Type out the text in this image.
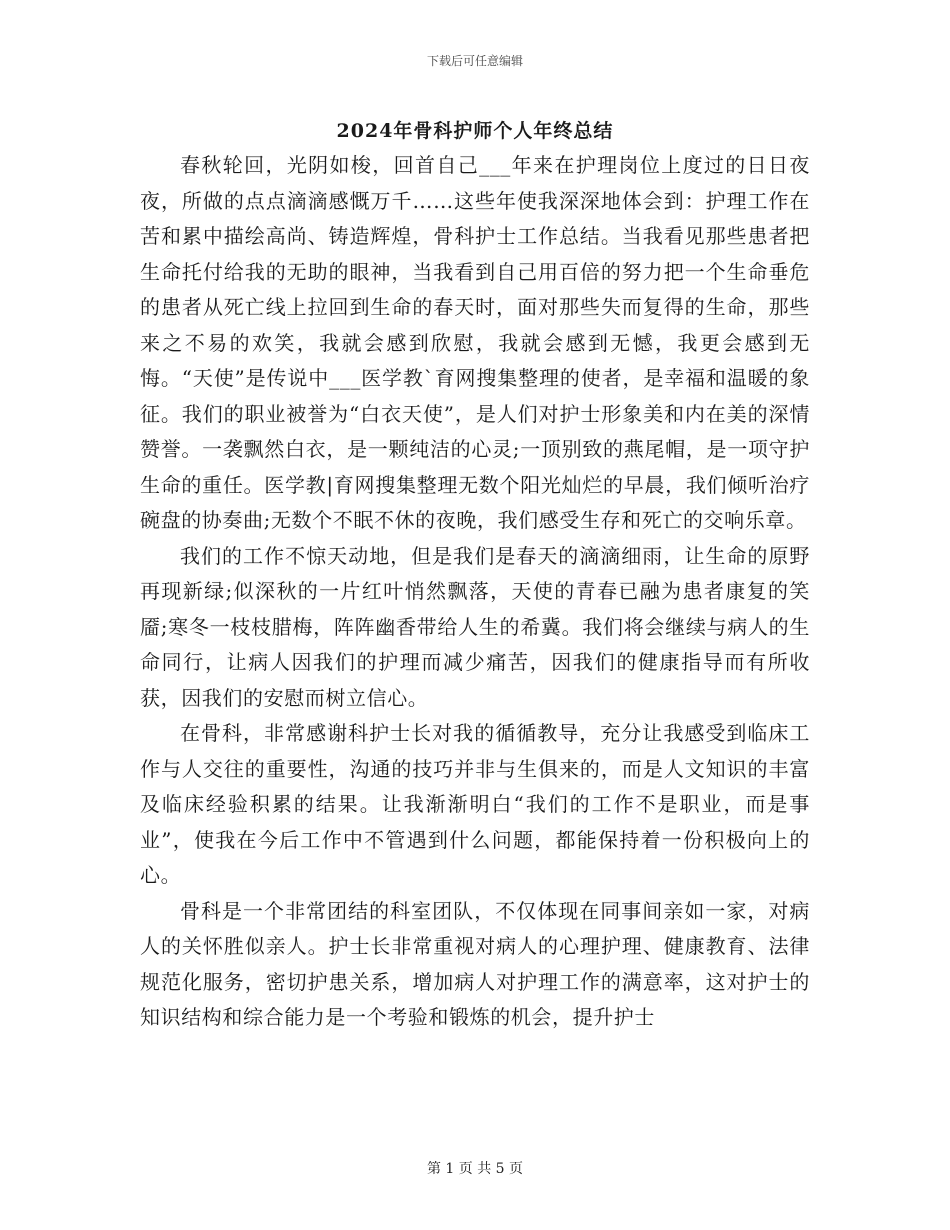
下载后可任意编辑
2024年骨科护师个人年终总结

春秋轮回，光阴如梭，回首自己___年来在护理岗位上度过的日日夜夜，所做的点点滴滴感慨万千……这些年使我深深地体会到：护理工作在苦和累中描绘高尚、铸造辉煌，骨科护士工作总结。当我看见那些患者把生命托付给我的无助的眼神，当我看到自己用百倍的努力把一个生命垂危的患者从死亡线上拉回到生命的春天时，面对那些失而复得的生命，那些来之不易的欢笑，我就会感到欣慰，我就会感到无憾，我更会感到无悔。“天使”是传说中___医学教`育网搜集整理的使者，是幸福和温暖的象征。我们的职业被誉为“白衣天使”，是人们对护士形象美和内在美的深情赞誉。一袭飘然白衣，是一颗纯洁的心灵;一顶别致的燕尾帽，是一项守护生命的重任。医学教|育网搜集整理无数个阳光灿烂的早晨，我们倾听治疗碗盘的协奏曲;无数个不眠不休的夜晚，我们感受生存和死亡的交响乐章。

我们的工作不惊天动地，但是我们是春天的滴滴细雨，让生命的原野再现新绿;似深秋的一片红叶悄然飘落，天使的青春已融为患者康复的笑靥;寒冬一枝枝腊梅，阵阵幽香带给人生的希冀。我们将会继续与病人的生命同行，让病人因我们的护理而减少痛苦，因我们的健康指导而有所收获，因我们的安慰而树立信心。

在骨科，非常感谢科护士长对我的循循教导，充分让我感受到临床工作与人交往的重要性，沟通的技巧并非与生俱来的，而是人文知识的丰富及临床经验积累的结果。让我渐渐明白“我们的工作不是职业，而是事业”，使我在今后工作中不管遇到什么问题，都能保持着一份积极向上的心。

骨科是一个非常团结的科室团队，不仅体现在同事间亲如一家，对病人的关怀胜似亲人。护士长非常重视对病人的心理护理、健康教育、法律规范化服务，密切护患关系，增加病人对护理工作的满意率，这对护士的知识结构和综合能力是一个考验和锻炼的机会，提升护士

第 1 页 共 5 页
